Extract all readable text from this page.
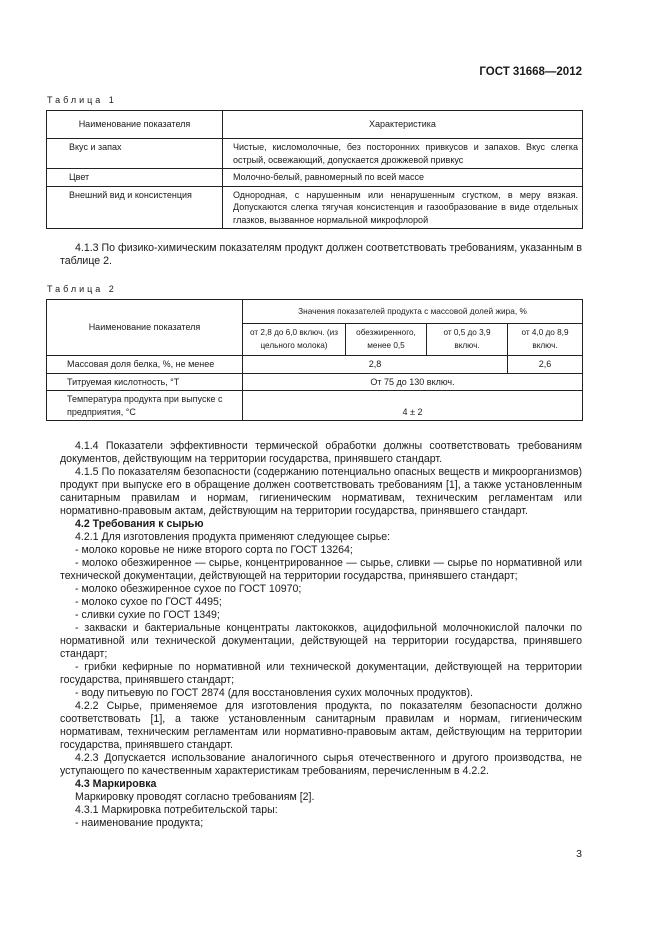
ГОСТ 31668—2012
Таблица 1
Наименование показателя	Характеристика
Вкус и запах	Чистые, кисломолочные, без посторонних привкусов и запахов. Вкус слегка острый, освежающий, допускается дрожжевой привкус
Цвет	Молочно-белый, равномерный по всей массе
Внешний вид и консистенция	Однородная, с нарушенным или ненарушенным сгустком, в меру вязкая. Допускаются слегка тягучая консистенция и газообразование в виде отдельных глазков, вызванное нормальной микрофлорой

4.1.3 По физико-химическим показателям продукт должен соответствовать требованиям, указанным в таблице 2.

Таблица 2
Наименование показателя	Значения показателей продукта с массовой долей жира, %			
	от 2,8 до 6,0 включ. (из цельного молока)	обезжиренного, менее 0,5	от 0,5 до 3,9 включ.	от 4,0 до 8,9 включ.
Массовая доля белка, %, не менее	2,8			2,6
Титруемая кислотность, °Т	От 75 до 130 включ.			
Температура продукта при выпуске с предприятия, °С	4 ± 2			

4.1.4 Показатели эффективности термической обработки должны соответствовать требованиям документов, действующим на территории государства, принявшего стандарт.

4.1.5 По показателям безопасности (содержанию потенциально опасных веществ и микроорганизмов) продукт при выпуске его в обращение должен соответствовать требованиям [1], а также установленным санитарным правилам и нормам, гигиеническим нормативам, техническим регламентам или нормативно-правовым актам, действующим на территории государства, принявшего стандарт.

4.2 Требования к сырью

4.2.1 Для изготовления продукта применяют следующее сырье:

- молоко коровье не ниже второго сорта по ГОСТ 13264;

- молоко обезжиренное — сырье, концентрированное — сырье, сливки — сырье по нормативной или технической документации, действующей на территории государства, принявшего стандарт;

- молоко обезжиренное сухое по ГОСТ 10970;

- молоко сухое по ГОСТ 4495;

- сливки сухие по ГОСТ 1349;

- закваски и бактериальные концентраты лактококков, ацидофильной молочнокислой палочки по нормативной или технической документации, действующей на территории государства, принявшего стандарт;

- грибки кефирные по нормативной или технической документации, действующей на территории государства, принявшего стандарт;

- воду питьевую по ГОСТ 2874 (для восстановления сухих молочных продуктов).

4.2.2 Сырье, применяемое для изготовления продукта, по показателям безопасности должно соответствовать [1], а также установленным санитарным правилам и нормам, гигиеническим нормативам, техническим регламентам или нормативно-правовым актам, действующим на территории государства, принявшего стандарт.

4.2.3 Допускается использование аналогичного сырья отечественного и другого производства, не уступающего по качественным характеристикам требованиям, перечисленным в 4.2.2.

4.3 Маркировка

Маркировку проводят согласно требованиям [2].

4.3.1 Маркировка потребительской тары:

- наименование продукта;

3
